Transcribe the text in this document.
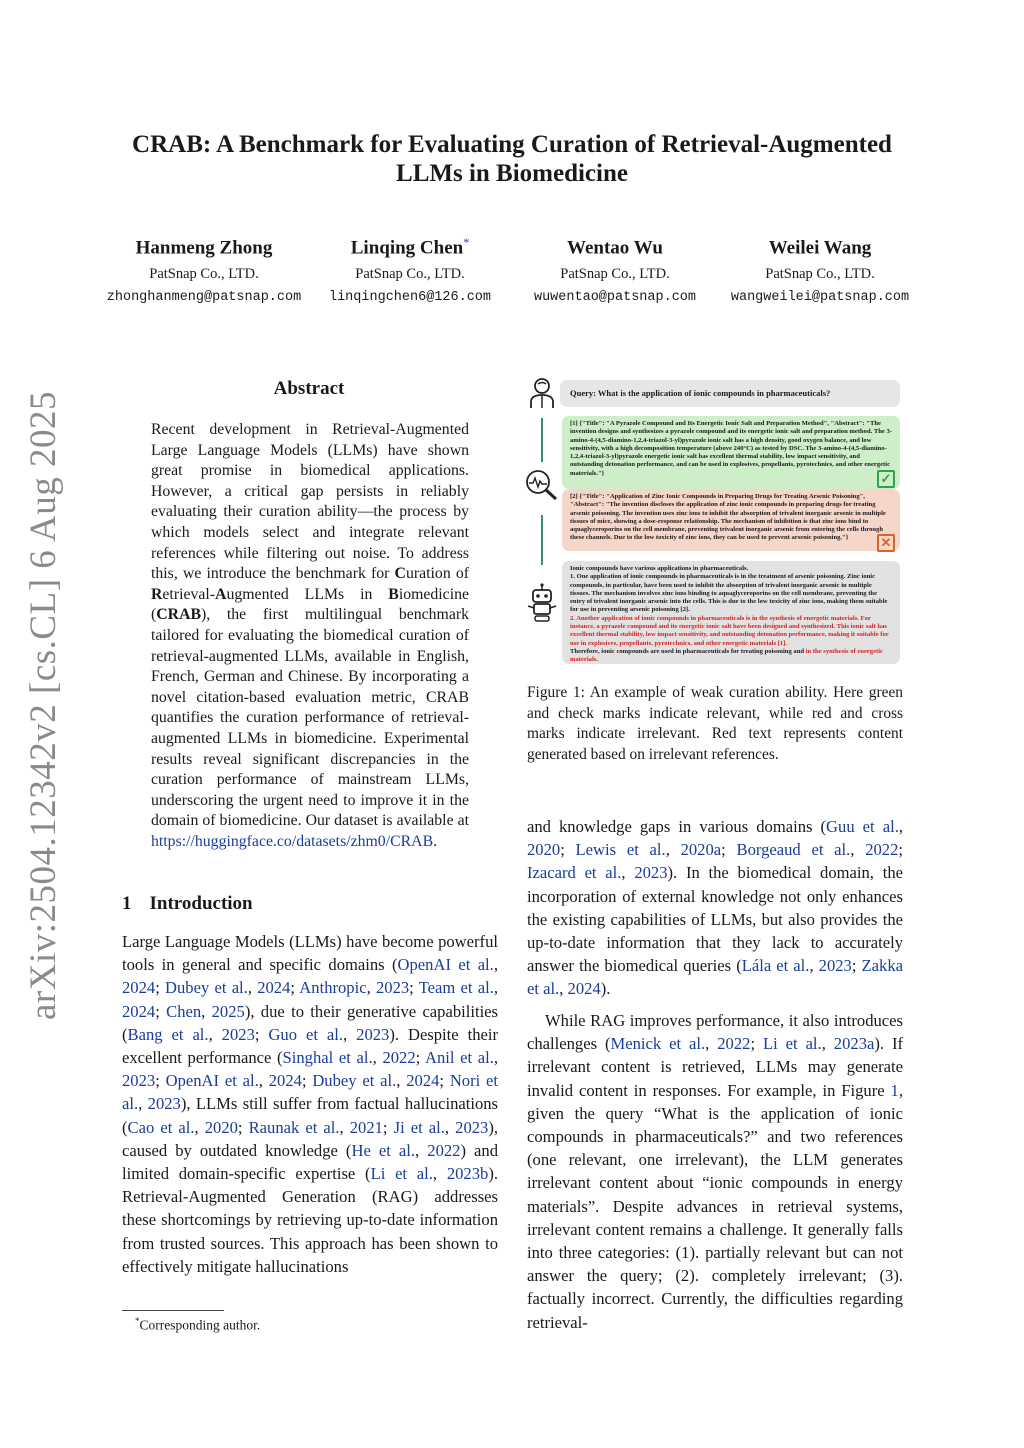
arXiv:2504.12342v2 [cs.CL] 6 Aug 2025
CRAB: A Benchmark for Evaluating Curation of Retrieval-Augmented LLMs in Biomedicine
Hanmeng Zhong
PatSnap Co., LTD.
zhonghanmeng@patsnap.com
Linqing Chen*
PatSnap Co., LTD.
linqingchen6@126.com
Wentao Wu
PatSnap Co., LTD.
wuwentao@patsnap.com
Weilei Wang
PatSnap Co., LTD.
wangweilei@patsnap.com
Abstract
Recent development in Retrieval-Augmented Large Language Models (LLMs) have shown great promise in biomedical applications. However, a critical gap persists in reliably evaluating their curation ability—the process by which models select and integrate relevant references while filtering out noise. To address this, we introduce the benchmark for Curation of Retrieval-Augmented LLMs in Biomedicine (CRAB), the first multilingual benchmark tailored for evaluating the biomedical curation of retrieval-augmented LLMs, available in English, French, German and Chinese. By incorporating a novel citation-based evaluation metric, CRAB quantifies the curation performance of retrieval-augmented LLMs in biomedicine. Experimental results reveal significant discrepancies in the curation performance of mainstream LLMs, underscoring the urgent need to improve it in the domain of biomedicine. Our dataset is available at https://huggingface.co/datasets/zhm0/CRAB.
1 Introduction
Large Language Models (LLMs) have become powerful tools in general and specific domains (OpenAI et al., 2024; Dubey et al., 2024; Anthropic, 2023; Team et al., 2024; Chen, 2025), due to their generative capabilities (Bang et al., 2023; Guo et al., 2023). Despite their excellent performance (Singhal et al., 2022; Anil et al., 2023; OpenAI et al., 2024; Dubey et al., 2024; Nori et al., 2023), LLMs still suffer from factual hallucinations (Cao et al., 2020; Raunak et al., 2021; Ji et al., 2023), caused by outdated knowledge (He et al., 2022) and limited domain-specific expertise (Li et al., 2023b). Retrieval-Augmented Generation (RAG) addresses these shortcomings by retrieving up-to-date information from trusted sources. This approach has been shown to effectively mitigate hallucinations
*Corresponding author.
Query: What is the application of ionic compounds in pharmaceuticals?
[1] {"Title": "A Pyrazole Compound and Its Energetic Ionic Salt and Preparation Method", "Abstract": "The invention designs and synthesizes a pyrazole compound and its energetic ionic salt and preparation method. The 3-amino-4-(4,5-diamino-1,2,4-triazol-3-yl)pyrazole ionic salt has a high density, good oxygen balance, and low sensitivity, with a high decomposition temperature (above 240°C) as tested by DSC. The 3-amino-4-(4,5-diamino-1,2,4-triazol-3-yl)pyrazole energetic ionic salt has excellent thermal stability, low impact sensitivity, and outstanding detonation performance, and can be used in explosives, propellants, pyrotechnics, and other energetic materials."}	✓
[2] {"Title": "Application of Zinc Ionic Compounds in Preparing Drugs for Treating Arsenic Poisoning", "Abstract": "The invention discloses the application of zinc ionic compounds in preparing drugs for treating arsenic poisoning. The invention uses zinc ions to inhibit the absorption of trivalent inorganic arsenic in multiple tissues of mice, showing a dose-response relationship. The mechanism of inhibition is that zinc ions bind to aquaglyceroporins on the cell membrane, preventing trivalent inorganic arsenic from entering the cells through these channels. Due to the low toxicity of zinc ions, they can be used to prevent arsenic poisoning."}	✕
Ionic compounds have various applications in pharmaceuticals.
1. One application of ionic compounds in pharmaceuticals is in the treatment of arsenic poisoning. Zinc ionic compounds, in particular, have been used to inhibit the absorption of trivalent inorganic arsenic in multiple tissues. The mechanism involves zinc ions binding to aquaglyceroporins on the cell membrane, preventing the entry of trivalent inorganic arsenic into the cells. This is due to the low toxicity of zinc ions, making them suitable for use in preventing arsenic poisoning [2].
2. Another application of ionic compounds in pharmaceuticals is in the synthesis of energetic materials. For instance, a pyrazole compound and its energetic ionic salt have been designed and synthesized. This ionic salt has excellent thermal stability, low impact sensitivity, and outstanding detonation performance, making it suitable for use in explosives, propellants, pyrotechnics, and other energetic materials [1].
Therefore, ionic compounds are used in pharmaceuticals for treating poisoning and in the synthesis of energetic materials.
Figure 1: An example of weak curation ability. Here green and check marks indicate relevant, while red and cross marks indicate irrelevant. Red text represents content generated based on irrelevant references.
and knowledge gaps in various domains (Guu et al., 2020; Lewis et al., 2020a; Borgeaud et al., 2022; Izacard et al., 2023). In the biomedical domain, the incorporation of external knowledge not only enhances the existing capabilities of LLMs, but also provides the up-to-date information that they lack to accurately answer the biomedical queries (Lála et al., 2023; Zakka et al., 2024).
While RAG improves performance, it also introduces challenges (Menick et al., 2022; Li et al., 2023a). If irrelevant content is retrieved, LLMs may generate invalid content in responses. For example, in Figure 1, given the query “What is the application of ionic compounds in pharmaceuticals?” and two references (one relevant, one irrelevant), the LLM generates irrelevant content about “ionic compounds in energy materials”. Despite advances in retrieval systems, irrelevant content remains a challenge. It generally falls into three categories: (1). partially relevant but can not answer the query; (2). completely irrelevant; (3). factually incorrect. Currently, the difficulties regarding retrieval-
